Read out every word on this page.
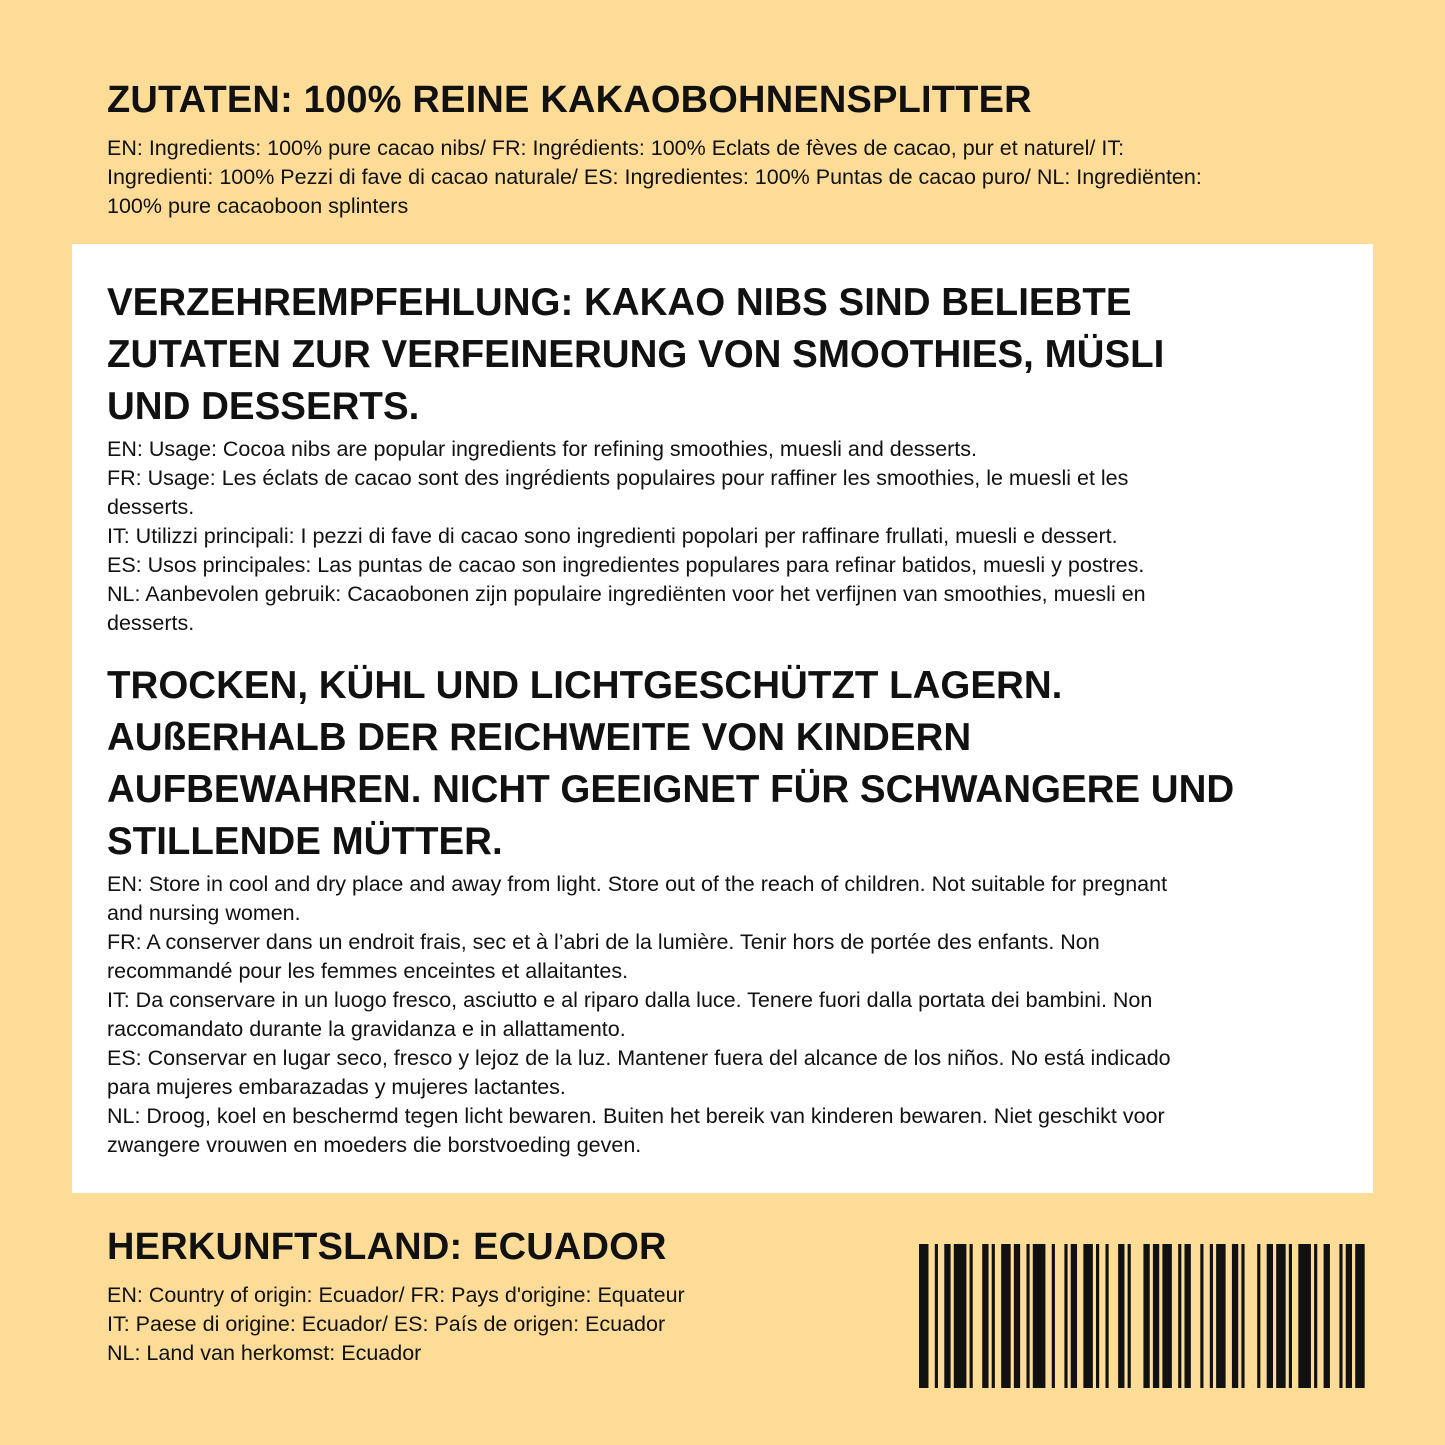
ZUTATEN: 100% REINE KAKAOBOHNENSPLITTER
EN: Ingredients: 100% pure cacao nibs/ FR: Ingrédients: 100% Eclats de fèves de cacao, pur et naturel/ IT:
Ingredienti: 100% Pezzi di fave di cacao naturale/ ES: Ingredientes: 100% Puntas de cacao puro/ NL: Ingrediënten:
100% pure cacaoboon splinters
VERZEHREMPFEHLUNG: KAKAO NIBS SIND BELIEBTE
ZUTATEN ZUR VERFEINERUNG VON SMOOTHIES, MÜSLI
UND DESSERTS.
EN: Usage: Cocoa nibs are popular ingredients for refining smoothies, muesli and desserts.
FR: Usage: Les éclats de cacao sont des ingrédients populaires pour raffiner les smoothies, le muesli et les
desserts.
IT: Utilizzi principali: I pezzi di fave di cacao sono ingredienti popolari per raffinare frullati, muesli e dessert.
ES: Usos principales: Las puntas de cacao son ingredientes populares para refinar batidos, muesli y postres.
NL: Aanbevolen gebruik: Cacaobonen zijn populaire ingrediënten voor het verfijnen van smoothies, muesli en
desserts.
TROCKEN, KÜHL UND LICHTGESCHÜTZT LAGERN.
AUßERHALB DER REICHWEITE VON KINDERN
AUFBEWAHREN. NICHT GEEIGNET FÜR SCHWANGERE UND
STILLENDE MÜTTER.
EN: Store in cool and dry place and away from light. Store out of the reach of children. Not suitable for pregnant
and nursing women.
FR: A conserver dans un endroit frais, sec et à l’abri de la lumière. Tenir hors de portée des enfants. Non
recommandé pour les femmes enceintes et allaitantes.
IT: Da conservare in un luogo fresco, asciutto e al riparo dalla luce. Tenere fuori dalla portata dei bambini. Non
raccomandato durante la gravidanza e in allattamento.
ES: Conservar en lugar seco, fresco y lejoz de la luz. Mantener fuera del alcance de los niños. No está indicado
para mujeres embarazadas y mujeres lactantes.
NL: Droog, koel en beschermd tegen licht bewaren. Buiten het bereik van kinderen bewaren. Niet geschikt voor
zwangere vrouwen en moeders die borstvoeding geven.
HERKUNFTSLAND: ECUADOR
EN: Country of origin: Ecuador/ FR: Pays d'origine: Equateur
IT: Paese di origine: Ecuador/ ES: País de origen: Ecuador
NL: Land van herkomst: Ecuador
